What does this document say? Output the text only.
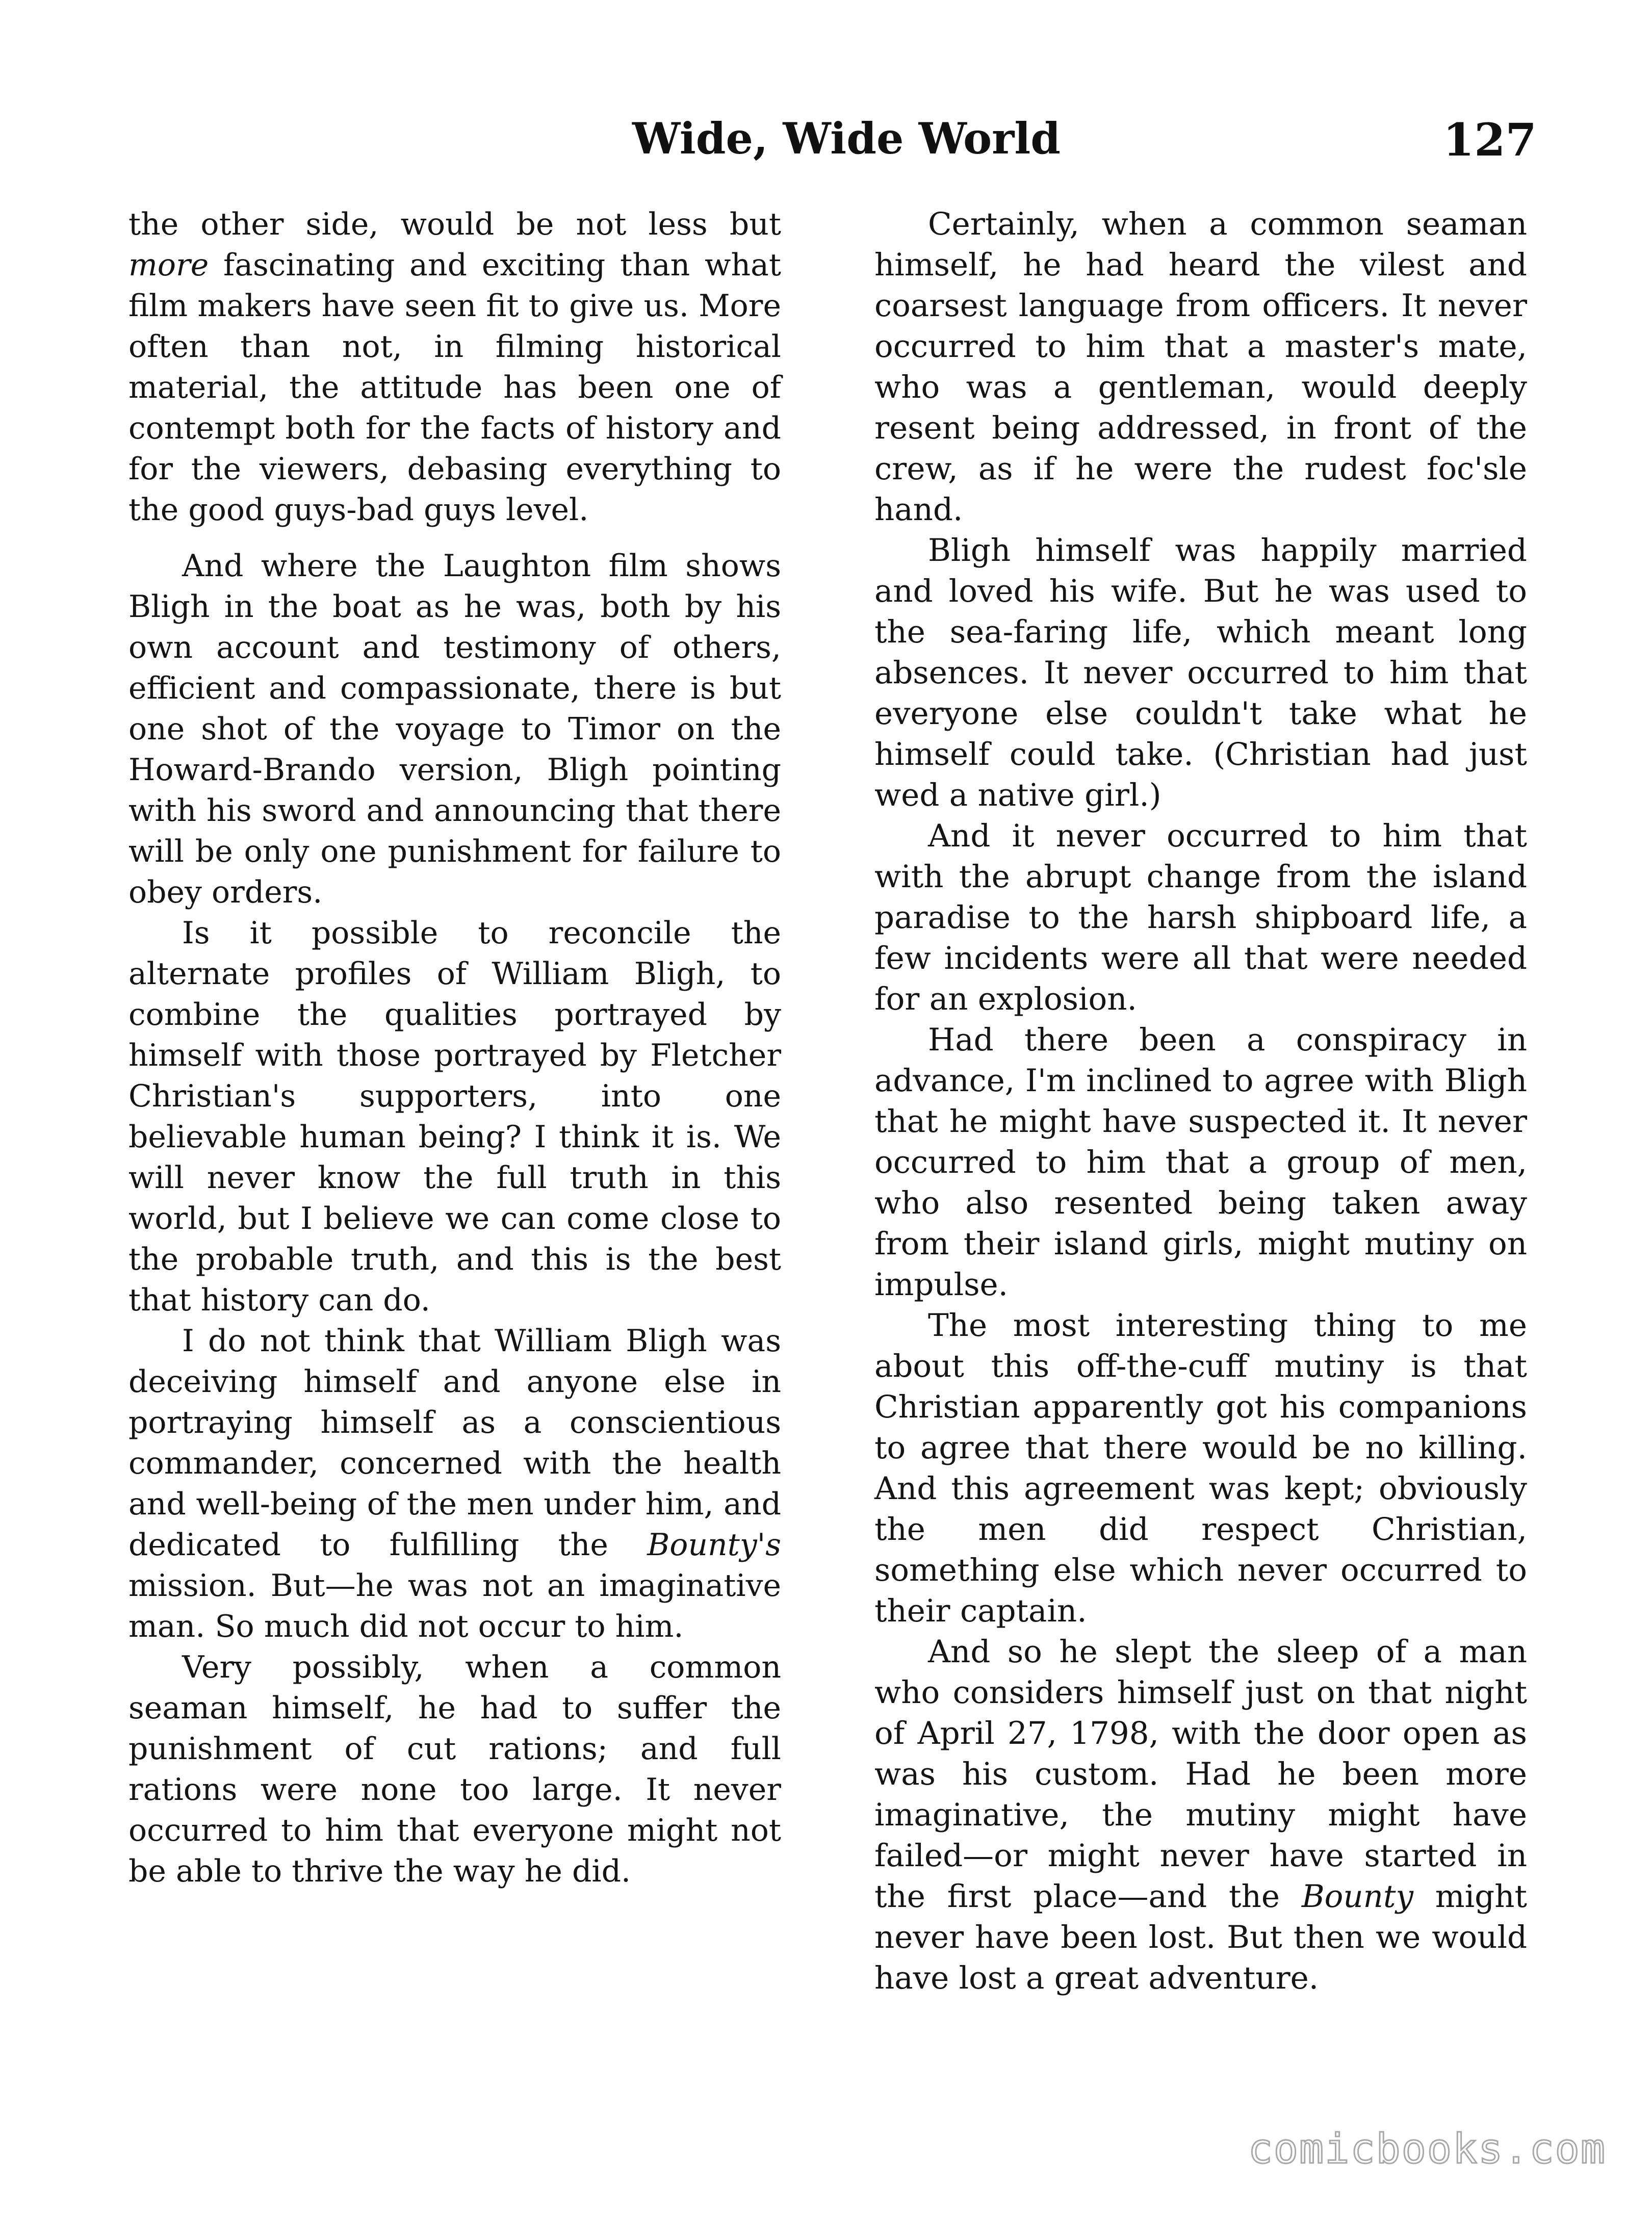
Wide, Wide World	127

the other side, would be not less but more fascinating and exciting than what film makers have seen fit to give us. More often than not, in filming historical material, the attitude has been one of contempt both for the facts of history and for the viewers, debasing everything to the good guys-bad guys level.

And where the Laughton film shows Bligh in the boat as he was, both by his own account and testimony of others, efficient and compassionate, there is but one shot of the voyage to Timor on the Howard-Brando version, Bligh pointing with his sword and announcing that there will be only one punishment for failure to obey orders.

Is it possible to reconcile the alternate profiles of William Bligh, to combine the qualities portrayed by himself with those portrayed by Fletcher Christian's supporters, into one believable human being? I think it is. We will never know the full truth in this world, but I believe we can come close to the probable truth, and this is the best that history can do.

I do not think that William Bligh was deceiving himself and anyone else in portraying himself as a conscientious commander, concerned with the health and well-being of the men under him, and dedicated to fulfilling the Bounty's mission. But—he was not an imaginative man. So much did not occur to him.

Very possibly, when a common seaman himself, he had to suffer the punishment of cut rations; and full rations were none too large. It never occurred to him that everyone might not be able to thrive the way he did.

Certainly, when a common seaman himself, he had heard the vilest and coarsest language from officers. It never occurred to him that a master's mate, who was a gentleman, would deeply resent being addressed, in front of the crew, as if he were the rudest foc'sle hand.

Bligh himself was happily married and loved his wife. But he was used to the sea-faring life, which meant long absences. It never occurred to him that everyone else couldn't take what he himself could take. (Christian had just wed a native girl.)

And it never occurred to him that with the abrupt change from the island paradise to the harsh shipboard life, a few incidents were all that were needed for an explosion.

Had there been a conspiracy in advance, I'm inclined to agree with Bligh that he might have suspected it. It never occurred to him that a group of men, who also resented being taken away from their island girls, might mutiny on impulse.

The most interesting thing to me about this off-the-cuff mutiny is that Christian apparently got his companions to agree that there would be no killing. And this agreement was kept; obviously the men did respect Christian, something else which never occurred to their captain.

And so he slept the sleep of a man who considers himself just on that night of April 27, 1798, with the door open as was his custom. Had he been more imaginative, the mutiny might have failed—or might never have started in the first place—and the Bounty might never have been lost. But then we would have lost a great adventure.

comicbooks.com
